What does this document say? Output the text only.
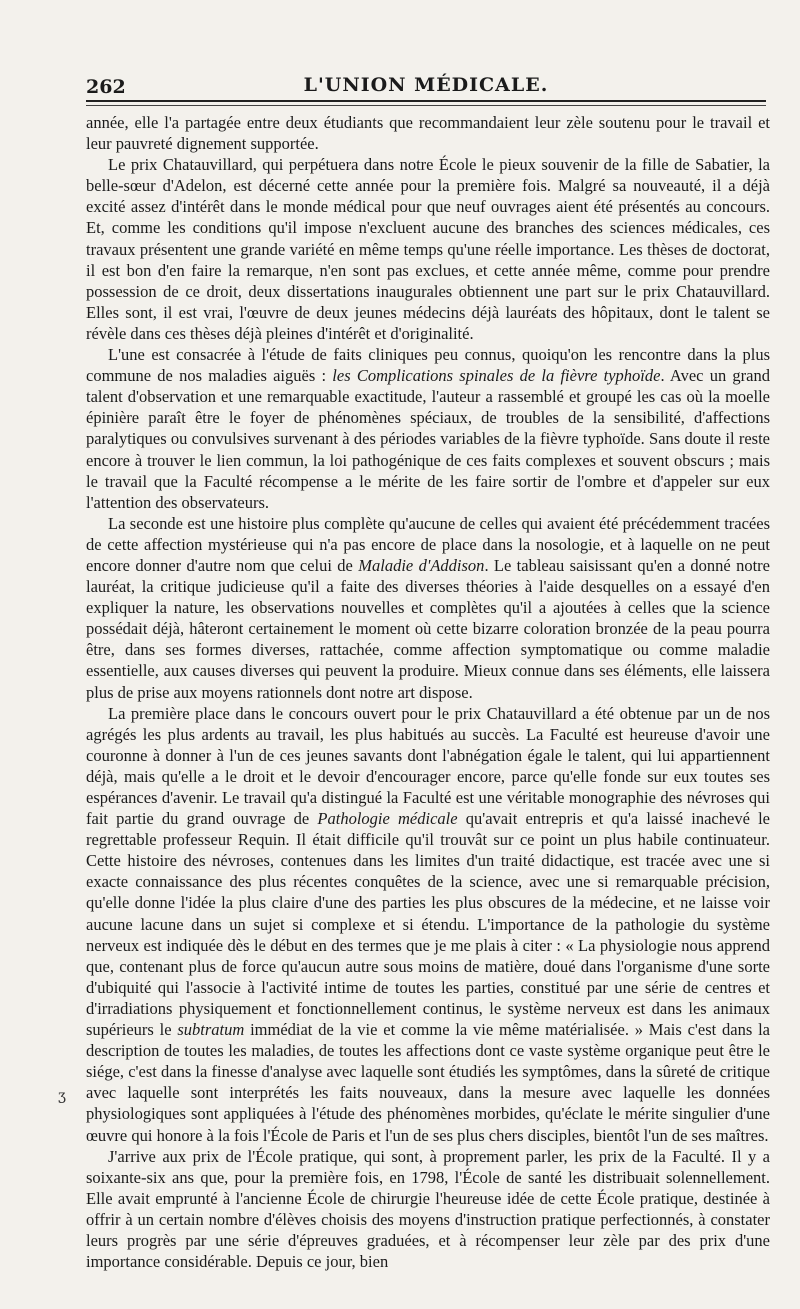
262	L'UNION MÉDICALE.

année, elle l'a partagée entre deux étudiants que recommandaient leur zèle soutenu pour le travail et leur pauvreté dignement supportée.

Le prix Chatauvillard, qui perpétuera dans notre École le pieux souvenir de la fille de Sabatier, la belle-sœur d'Adelon, est décerné cette année pour la première fois. Malgré sa nouveauté, il a déjà excité assez d'intérêt dans le monde médical pour que neuf ouvrages aient été présentés au concours. Et, comme les conditions qu'il impose n'excluent aucune des branches des sciences médicales, ces travaux présentent une grande variété en même temps qu'une réelle importance. Les thèses de doctorat, il est bon d'en faire la remarque, n'en sont pas exclues, et cette année même, comme pour prendre possession de ce droit, deux dissertations inaugurales obtiennent une part sur le prix Chatauvillard. Elles sont, il est vrai, l'œuvre de deux jeunes médecins déjà lauréats des hôpitaux, dont le talent se révèle dans ces thèses déjà pleines d'intérêt et d'originalité.

L'une est consacrée à l'étude de faits cliniques peu connus, quoiqu'on les rencontre dans la plus commune de nos maladies aiguës : les Complications spinales de la fièvre typhoïde. Avec un grand talent d'observation et une remarquable exactitude, l'auteur a rassemblé et groupé les cas où la moelle épinière paraît être le foyer de phénomènes spéciaux, de troubles de la sensibilité, d'affections paralytiques ou convulsives survenant à des périodes variables de la fièvre typhoïde. Sans doute il reste encore à trouver le lien commun, la loi pathogénique de ces faits complexes et souvent obscurs ; mais le travail que la Faculté récompense a le mérite de les faire sortir de l'ombre et d'appeler sur eux l'attention des observateurs.

La seconde est une histoire plus complète qu'aucune de celles qui avaient été précédemment tracées de cette affection mystérieuse qui n'a pas encore de place dans la nosologie, et à laquelle on ne peut encore donner d'autre nom que celui de Maladie d'Addison. Le tableau saisissant qu'en a donné notre lauréat, la critique judicieuse qu'il a faite des diverses théories à l'aide desquelles on a essayé d'en expliquer la nature, les observations nouvelles et complètes qu'il a ajoutées à celles que la science possédait déjà, hâteront certainement le moment où cette bizarre coloration bronzée de la peau pourra être, dans ses formes diverses, rattachée, comme affection symptomatique ou comme maladie essentielle, aux causes diverses qui peuvent la produire. Mieux connue dans ses éléments, elle laissera plus de prise aux moyens rationnels dont notre art dispose.

La première place dans le concours ouvert pour le prix Chatauvillard a été obtenue par un de nos agrégés les plus ardents au travail, les plus habitués au succès. La Faculté est heureuse d'avoir une couronne à donner à l'un de ces jeunes savants dont l'abnégation égale le talent, qui lui appartiennent déjà, mais qu'elle a le droit et le devoir d'encourager encore, parce qu'elle fonde sur eux toutes ses espérances d'avenir. Le travail qu'a distingué la Faculté est une véritable monographie des névroses qui fait partie du grand ouvrage de Pathologie médicale qu'avait entrepris et qu'a laissé inachevé le regrettable professeur Requin. Il était difficile qu'il trouvât sur ce point un plus habile continuateur. Cette histoire des névroses, contenues dans les limites d'un traité didactique, est tracée avec une si exacte connaissance des plus récentes conquêtes de la science, avec une si remarquable précision, qu'elle donne l'idée la plus claire d'une des parties les plus obscures de la médecine, et ne laisse voir aucune lacune dans un sujet si complexe et si étendu. L'importance de la pathologie du système nerveux est indiquée dès le début en des termes que je me plais à citer : « La physiologie nous apprend que, contenant plus de force qu'aucun autre sous moins de matière, doué dans l'organisme d'une sorte d'ubiquité qui l'associe à l'activité intime de toutes les parties, constitué par une série de centres et d'irradiations physiquement et fonctionnellement continus, le système nerveux est dans les animaux supérieurs le subtratum immédiat de la vie et comme la vie même matérialisée. » Mais c'est dans la description de toutes les maladies, de toutes les affections dont ce vaste système organique peut être le siége, c'est dans la finesse d'analyse avec laquelle sont étudiés les symptômes, dans la sûreté de critique avec laquelle sont interprétés les faits nouveaux, dans la mesure avec laquelle les données physiologiques sont appliquées à l'étude des phénomènes morbides, qu'éclate le mérite singulier d'une œuvre qui honore à la fois l'École de Paris et l'un de ses plus chers disciples, bientôt l'un de ses maîtres.

J'arrive aux prix de l'École pratique, qui sont, à proprement parler, les prix de la Faculté. Il y a soixante-six ans que, pour la première fois, en 1798, l'École de santé les distribuait solennellement. Elle avait emprunté à l'ancienne École de chirurgie l'heureuse idée de cette École pratique, destinée à offrir à un certain nombre d'élèves choisis des moyens d'instruction pratique perfectionnés, à constater leurs progrès par une série d'épreuves graduées, et à récompenser leur zèle par des prix d'une importance considérable. Depuis ce jour, bien

ʒ
